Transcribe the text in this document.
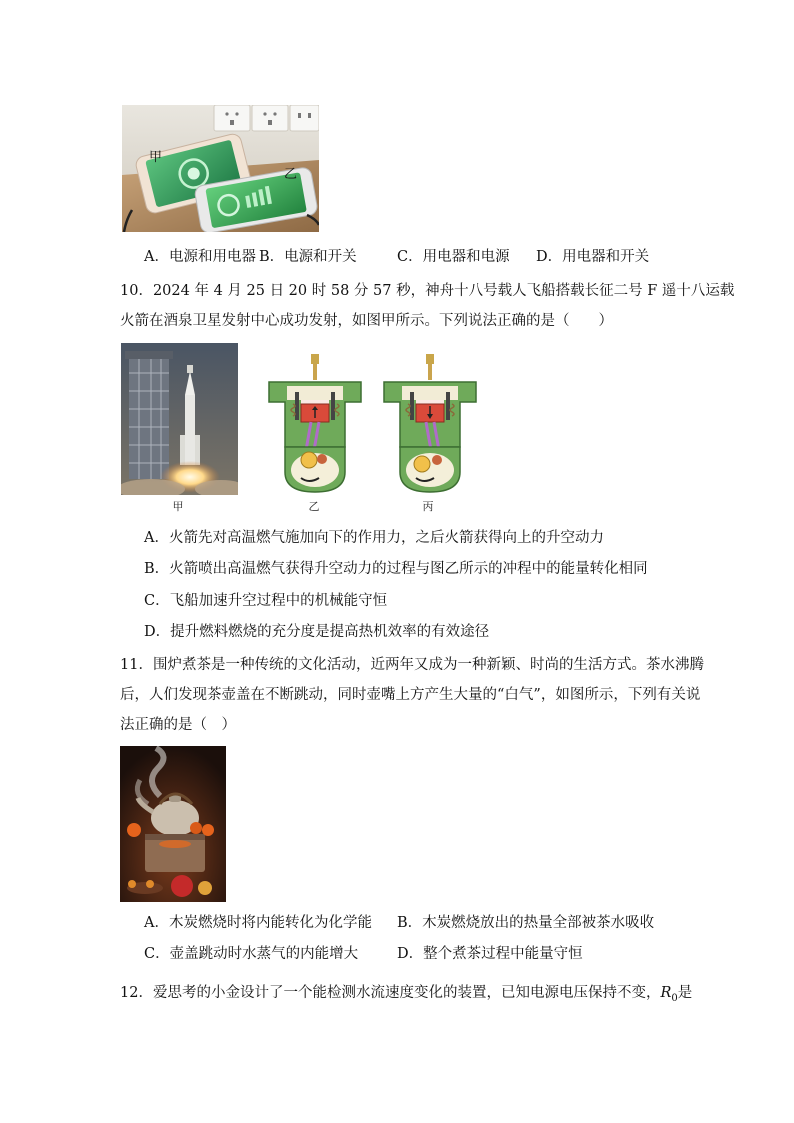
甲
乙
A．电源和用电器 B．电源和开关	C．用电器和电源 D．用电器和开关
10．2024 年 4 月 25 日 20 时 58 分 57 秒，神舟十八号载人飞船搭载长征二号 F 遥十八运载
火箭在酒泉卫星发射中心成功发射，如图甲所示。下列说法正确的是（　　）
甲	乙	丙
A．火箭先对高温燃气施加向下的作用力，之后火箭获得向上的升空动力
B．火箭喷出高温燃气获得升空动力的过程与图乙所示的冲程中的能量转化相同
C．飞船加速升空过程中的机械能守恒
D．提升燃料燃烧的充分度是提高热机效率的有效途径
11．围炉煮茶是一种传统的文化活动，近两年又成为一种新颖、时尚的生活方式。茶水沸腾
后，人们发现茶壶盖在不断跳动，同时壶嘴上方产生大量的“白气”，如图所示，下列有关说
法正确的是（　）
A．木炭燃烧时将内能转化为化学能 B．木炭燃烧放出的热量全部被茶水吸收
C．壶盖跳动时水蒸气的内能增大	D．整个煮茶过程中能量守恒
12．爱思考的小金设计了一个能检测水流速度变化的装置，已知电源电压保持不变，$R_0$是
